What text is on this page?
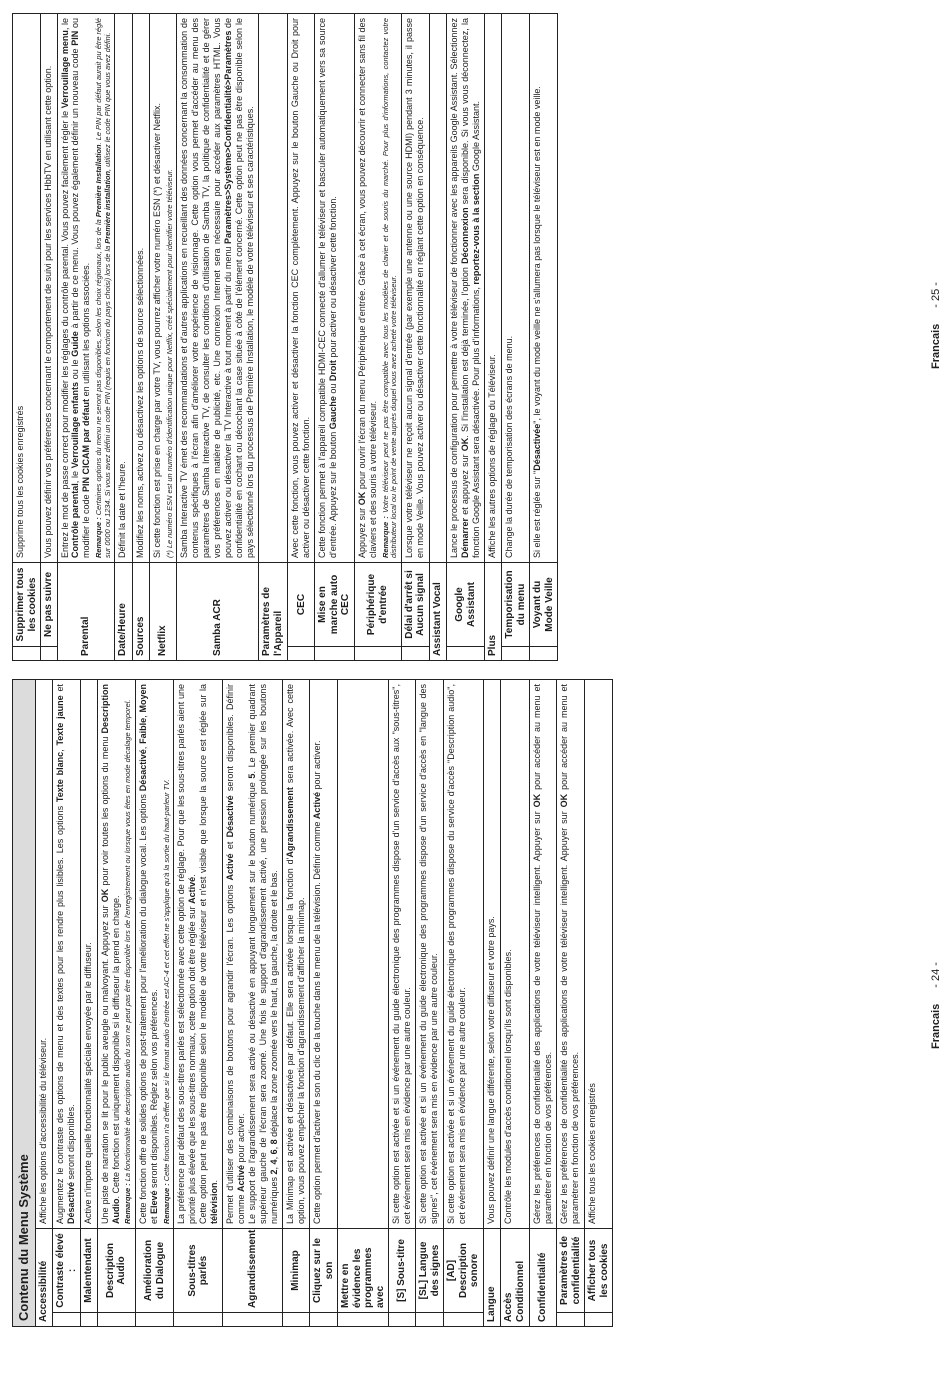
Contenu du Menu Système		
Accessibilité		Affiche les options d'accessibilité du téléviseur.
	Contraste élevé :	Augmentez le contraste des options de menu et des textes pour les rendre plus lisibles. Les options Texte blanc, Texte jaune et Désactivé seront disponibles.
	Malentendant	Active n'importe quelle fonctionnalité spéciale envoyée par le diffuseur.
	Description Audio	Une piste de narration se lit pour le public aveugle ou malvoyant. Appuyez sur OK pour voir toutes les options du menu Description Audio. Cette fonction est uniquement disponible si le diffuseur la prend en charge.
Remarque : La fonctionnalité de description audio du son ne peut pas être disponible lors de l'enregistrement ou lorsque vous êtes en mode décalage temporel.

	Amélioration du Dialogue	Cette fonction offre de solides options de post-traitement pour l'amélioration du dialogue vocal. Les options Désactivé, Faible, Moyen et Elevé seront disponibles. Réglez selon vos préférences.
Remarque : Cette fonction n'a d'effet que si le format audio d'entrée est AC-4 et cet effet ne s'applique qu'à la sortie du haut-parleur TV.

	Sous-titres parlés	La préférence par défaut des sous-titres parlés est sélectionnée avec cette option de réglage. Pour que les sous-titres parlés aient une priorité plus élevée que les sous-titres normaux, cette option doit être réglée sur Activé. Cette option peut ne pas être disponible selon le modèle de votre téléviseur et n'est visible que lorsque la source est réglée sur la télévision.

	Agrandissement	Permet d'utiliser des combinaisons de boutons pour agrandir l'écran. Les options Activé et Désactivé seront disponibles. Définir comme Activé pour activer. Le support de l'agrandissement sera activé ou désactivé en appuyant longuement sur le bouton numérique 5. Le premier quadrant supérieur gauche de l'écran sera zoomé. Une fois le support d'agrandissement activé, une pression prolongée sur les boutons numériques 2, 4, 6, 8 déplace la zone zoomée vers le haut, la gauche, la droite et le bas.

	Minimap	La Minimap est activée et désactivée par défaut. Elle sera activée lorsque la fonction d'Agrandissement sera activée. Avec cette option, vous pouvez empêcher la fonction d'agrandissement d'afficher la minimap.
	Cliquez sur le son	Cette option permet d'activer le son du clic de la touche dans le menu de la télévision. Définir comme Activé pour activer.
	Mettre en évidence les programmes avec	
	[S] Sous-titre	Si cette option est activée et si un événement du guide électronique des programmes dispose d'un service d'accès aux "sous-titres", cet événement sera mis en évidence par une autre couleur.
	[SL] Langue des signes	Si cette option est activée et si un événement du guide électronique des programmes dispose d'un service d'accès en "langue des signes", cet événement sera mis en évidence par une autre couleur.
	[AD] Description sonore	Si cette option est activée et si un événement du guide électronique des programmes dispose du service d'accès "Description audio", cet événement sera mis en évidence par une autre couleur.
Langue		Vous pouvez définir une langue différente, selon votre diffuseur et votre pays.
Accès Conditionnel		Contrôle les modules d'accès conditionnel lorsqu'ils sont disponibles.
Confidentialité		Gérez les préférences de confidentialité des applications de votre téléviseur intelligent. Appuyer sur OK pour accéder au menu et paramétrer en fonction de vos préférences.
	Paramètres de confidentialité	Gérez les préférences de confidentialité des applications de votre téléviseur intelligent. Appuyer sur OK pour accéder au menu et paramétrer en fonction de vos préférences.
	Afficher tous les cookies	Affiche tous les cookies enregistrés
Francais- 24 -
	Supprimer tous les cookies	Supprime tous les cookies enregistrés
	Ne pas suivre	Vous pouvez définir vos préférences concernant le comportement de suivi pour les services HbbTV en utilisant cette option.
Parental		Entrez le mot de passe correct pour modifier les réglages du contrôle parental. Vous pouvez facilement régler le Verrouillage menu, le Contrôle parental, le Verrouillage enfants ou le Guide à partir de ce menu. Vous pouvez également définir un nouveau code PIN ou modifier le code PIN CICAM par défaut en utilisant les options associées.
Remarque : Certaines options du menu ne seront pas disponibles, selon les choix régionaux, lors de la Première Installation. Le PIN par défaut aurait pu être réglé sur 0000 ou 1234. Si vous avez défini un code PIN (requis en fonction du pays choisi) lors de la Première installation, utilisez le code PIN que vous avez défini.

Date/Heure		Définit la date et l'heure.
Sources		Modifiez les noms, activez ou désactivez les options de source sélectionnées.
Netflix		Si cette fonction est prise en charge par votre TV, vous pourrez afficher votre numéro ESN (*) et désactiver Netflix. (*) Le numéro ESN est un numéro d'identification unique pour Netflix, créé spécialement pour identifier votre téléviseur.

Samba ACR		Samba Interactive TV émet des recommandations et d'autres applications en recueillant des données concernant la consommation de contenus spécifiques à l'écran afin d'améliorer votre expérience de visionnage. Cette option vous permet d'accéder au menu des paramètres de Samba Interactive TV, de consulter les conditions d'utilisation de Samba TV, la politique de confidentialité et de gérer vos préférences en matière de publicité, etc. Une connexion Internet sera nécessaire pour accéder aux paramètres HTML. Vous pouvez activer ou désactiver la TV Interactive à tout moment à partir du menu Paramètres>Système>Confidentialité>Paramètres de confidentialité en cochant ou décochant la case située à côté de l'élément concerné. Cette option peut ne pas être disponible selon le pays sélectionné lors du processus de Première Installation, le modèle de votre téléviseur et ses caractéristiques.
Paramètres de l'Appareil		
	CEC	Avec cette fonction, vous pouvez activer et désactiver la fonction CEC complètement. Appuyez sur le bouton Gauche ou Droit pour activer ou désactiver cette fonction.
	Mise en marche auto CEC	Cette fonction permet à l'appareil compatible HDMI-CEC connecté d'allumer le téléviseur et basculer automatiquement vers sa source d'entrée. Appuyez sur le bouton Gauche ou Droit pour activer ou désactiver cette fonction.
	Périphérique d'entrée	Appuyez sur OK pour ouvrir l'écran du menu Périphérique d'entrée. Grâce à cet écran, vous pouvez découvrir et connecter sans fil des claviers et des souris à votre téléviseur. Remarque : Votre téléviseur peut ne pas être compatible avec tous les modèles de clavier et de souris du marché. Pour plus d'informations, contactez votre distributeur local ou le point de vente auprès duquel vous avez acheté votre téléviseur.

	Délai d'arrêt si Aucun signal	Lorsque votre téléviseur ne reçoit aucun signal d'entrée (par exemple une antenne ou une source HDMI) pendant 3 minutes, il passe en mode Veille. Vous pouvez activer ou désactiver cette fonctionnalité en réglant cette option en conséquence.
Assistant Vocal		
	Google Assistant	Lance le processus de configuration pour permettre à votre téléviseur de fonctionner avec les appareils Google Assistant. Sélectionnez Démarrer et appuyez sur OK. Si l'installation est déjà terminée, l'option Déconnexion sera disponible. Si vous vous déconnectez, la fonction Google Assistant sera désactivée. Pour plus d'informations, reportez-vous à la section Google Assistant.
Plus		Affiche les autres options de réglage du Téléviseur.
	Temporisation du menu	Change la durée de temporisation des écrans de menu.
	Voyant du Mode Veille	Si elle est réglée sur "Désactivée", le voyant du mode veille ne s'allumera pas lorsque le téléviseur est en mode veille.	Francais- 25 -
